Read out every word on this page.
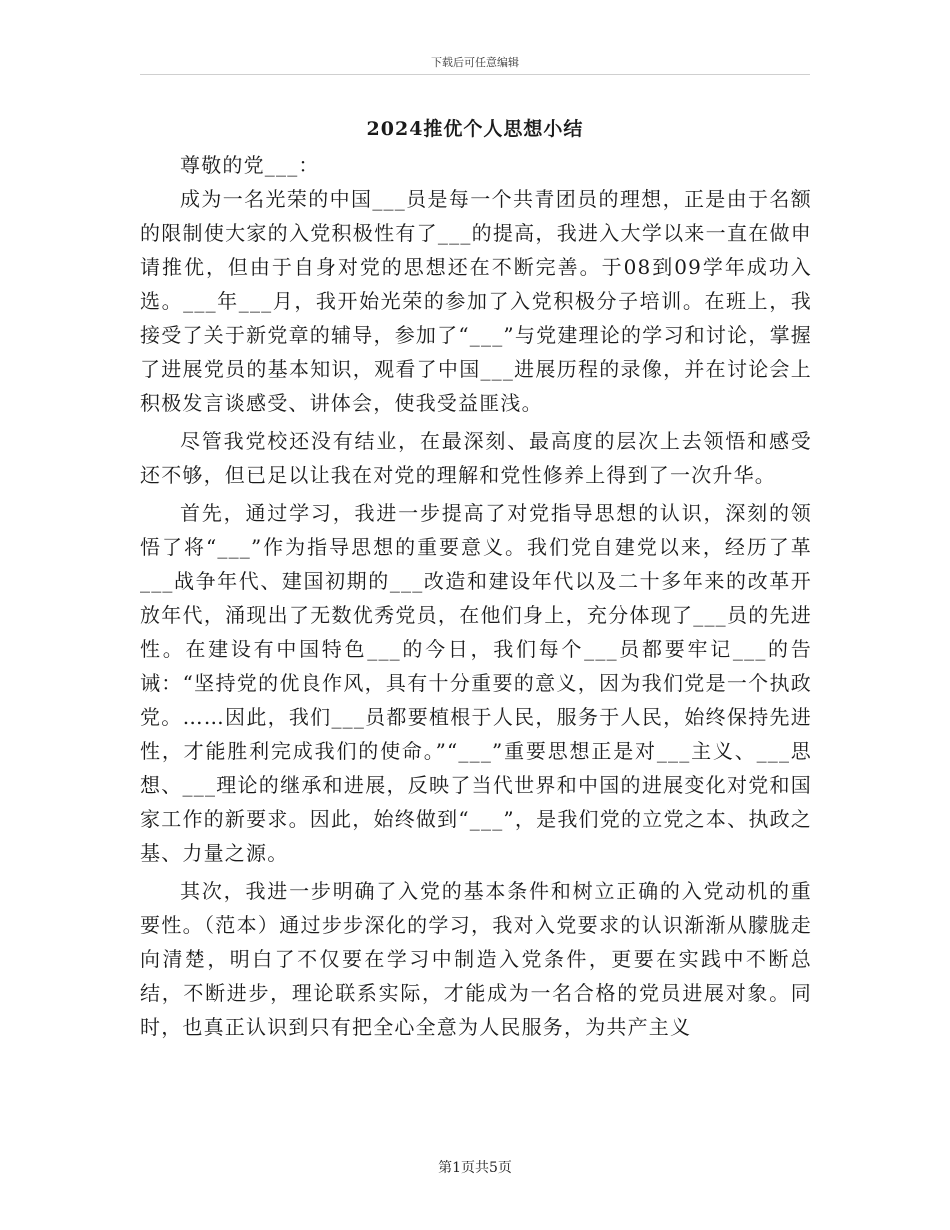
下载后可任意编辑
2024推优个人思想小结

尊敬的党___：

成为一名光荣的中国___员是每一个共青团员的理想，正是由于名额的限制使大家的入党积极性有了___的提高，我进入大学以来一直在做申请推优，但由于自身对党的思想还在不断完善。于08到09学年成功入选。___年___月，我开始光荣的参加了入党积极分子培训。在班上，我接受了关于新党章的辅导，参加了“___”与党建理论的学习和讨论，掌握了进展党员的基本知识，观看了中国___进展历程的录像，并在讨论会上积极发言谈感受、讲体会，使我受益匪浅。

尽管我党校还没有结业，在最深刻、最高度的层次上去领悟和感受还不够，但已足以让我在对党的理解和党性修养上得到了一次升华。

首先，通过学习，我进一步提高了对党指导思想的认识，深刻的领悟了将“___”作为指导思想的重要意义。我们党自建党以来，经历了革___战争年代、建国初期的___改造和建设年代以及二十多年来的改革开放年代，涌现出了无数优秀党员，在他们身上，充分体现了___员的先进性。在建设有中国特色___的今日，我们每个___员都要牢记___的告诫：“坚持党的优良作风，具有十分重要的意义，因为我们党是一个执政党。……因此，我们___员都要植根于人民，服务于人民，始终保持先进性，才能胜利完成我们的使命。”“___”重要思想正是对___主义、___思想、___理论的继承和进展，反映了当代世界和中国的进展变化对党和国家工作的新要求。因此，始终做到“___”，是我们党的立党之本、执政之基、力量之源。

其次，我进一步明确了入党的基本条件和树立正确的入党动机的重要性。（范本）通过步步深化的学习，我对入党要求的认识渐渐从朦胧走向清楚，明白了不仅要在学习中制造入党条件，更要在实践中不断总结，不断进步，理论联系实际，才能成为一名合格的党员进展对象。同时，也真正认识到只有把全心全意为人民服务，为共产主义

第1页共5页
